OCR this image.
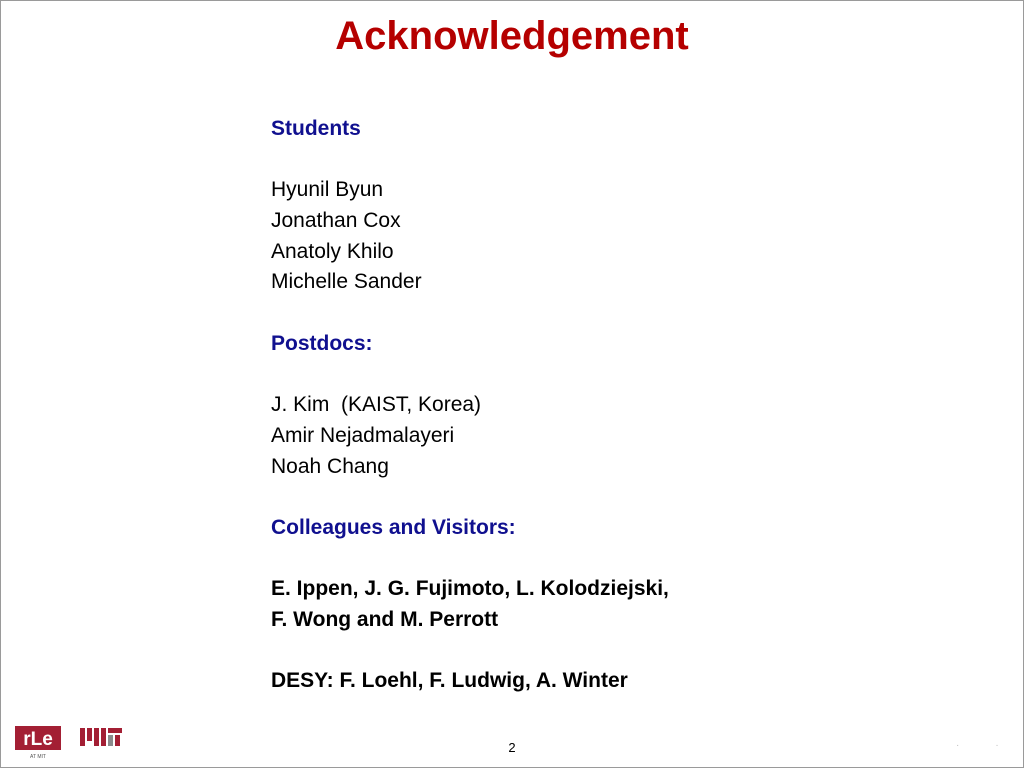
Acknowledgement
Students
Hyunil Byun
Jonathan Cox
Anatoly Khilo
Michelle Sander
Postdocs:
J. Kim  (KAIST, Korea)
Amir Nejadmalayeri
Noah Chang
Colleagues and Visitors:
E. Ippen, J. G. Fujimoto, L. Kolodziejski,
F. Wong and M. Perrott
DESY: F. Loehl, F. Ludwig, A. Winter
rLe
AT MIT
MIT	2	··
